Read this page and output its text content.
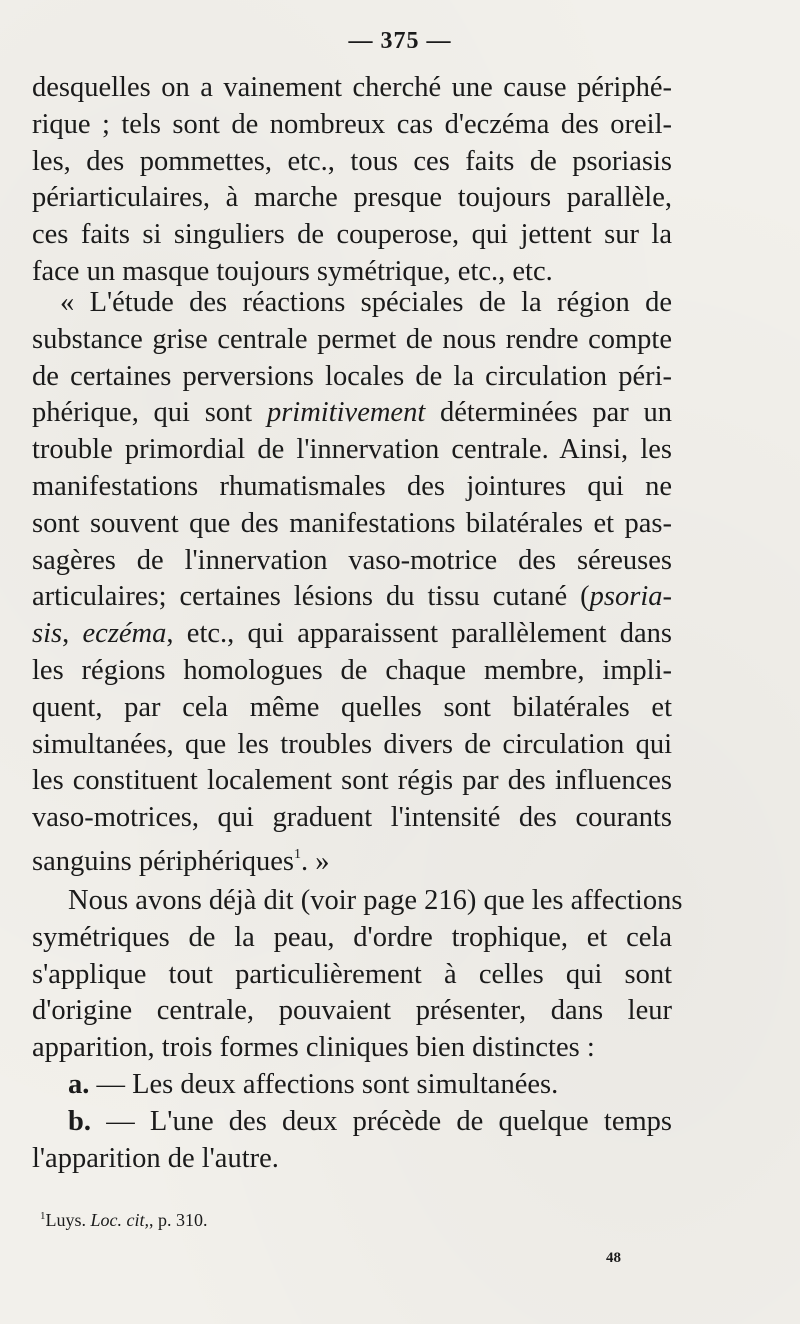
— 375 —
desquelles on a vainement cherché une cause périphé-
rique ; tels sont de nombreux cas d'eczéma des oreil-
les, des pommettes, etc., tous ces faits de psoriasis
périarticulaires, à marche presque toujours parallèle,
ces faits si singuliers de couperose, qui jettent sur la
face un masque toujours symétrique, etc., etc.
« L'étude des réactions spéciales de la région de
substance grise centrale permet de nous rendre compte
de certaines perversions locales de la circulation péri-
phérique, qui sont primitivement déterminées par un
trouble primordial de l'innervation centrale. Ainsi, les
manifestations rhumatismales des jointures qui ne
sont souvent que des manifestations bilatérales et pas-
sagères de l'innervation vaso-motrice des séreuses
articulaires; certaines lésions du tissu cutané (psoria-
sis, eczéma, etc., qui apparaissent parallèlement dans
les régions homologues de chaque membre, impli-
quent, par cela même quelles sont bilatérales et
simultanées, que les troubles divers de circulation qui
les constituent localement sont régis par des influences
vaso-motrices, qui graduent l'intensité des courants
sanguins périphériques$^1$. »
Nous avons déjà dit (voir page 216) que les affections
symétriques de la peau, d'ordre trophique, et cela
s'applique tout particulièrement à celles qui sont
d'origine centrale, pouvaient présenter, dans leur
apparition, trois formes cliniques bien distinctes :
a. — Les deux affections sont simultanées.
b. — L'une des deux précède de quelque temps
l'apparition de l'autre.
$^1$Luys. Loc. cit,, p. 310.
48
